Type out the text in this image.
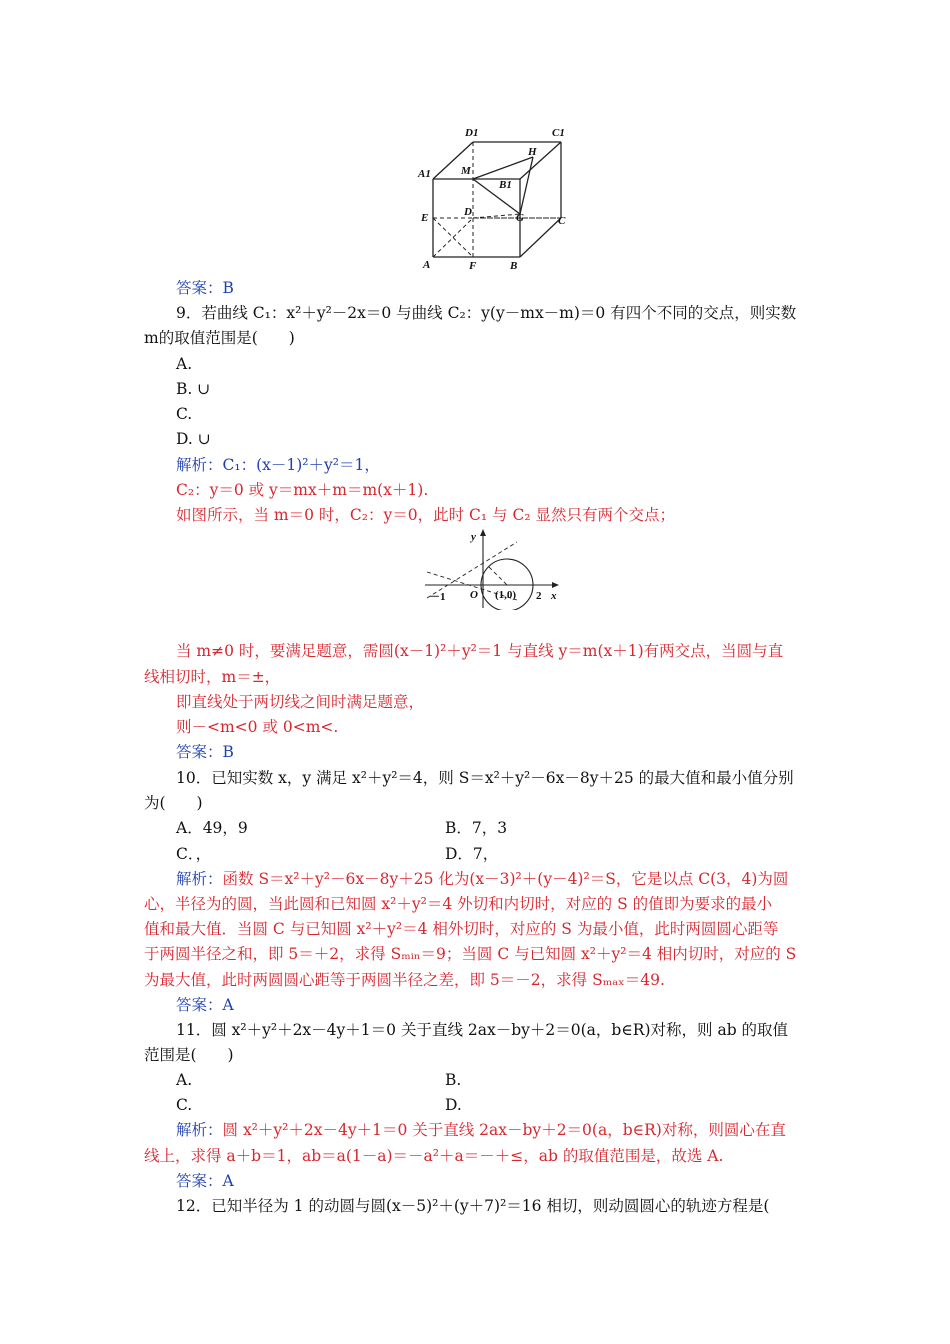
D1	C1
H
A1	M
B1
E	D	G	C
A	F	B
答案：B
9．若曲线 C₁：x²＋y²－2x＝0 与曲线 C₂：y(y－mx－m)＝0 有四个不同的交点，则实数
m的取值范围是(　　)
A.
B. ∪
C.
D. ∪
解析：C₁：(x－1)²＋y²＝1，
C₂：y＝0 或 y＝mx＋m＝m(x＋1).
如图所示，当 m＝0 时，C₂：y＝0，此时 C₁ 与 C₂ 显然只有两个交点；
y
x
－1 O (1,0) 2
当 m≠0 时，要满足题意，需圆(x－1)²＋y²＝1 与直线 y＝m(x＋1)有两交点，当圆与直
线相切时，m＝±，
即直线处于两切线之间时满足题意，
则－<m<0 或 0<m<.
答案：B
10．已知实数 x，y 满足 x²＋y²＝4，则 S＝x²＋y²－6x－8y＋25 的最大值和最小值分别
为(　　)
A．49，9	B．7，3
C．，	D．7，
解析：函数 S＝x²＋y²－6x－8y＋25 化为(x－3)²＋(y－4)²＝S，它是以点 C(3，4)为圆
心，半径为的圆，当此圆和已知圆 x²＋y²＝4 外切和内切时，对应的 S 的值即为要求的最小
值和最大值．当圆 C 与已知圆 x²＋y²＝4 相外切时，对应的 S 为最小值，此时两圆圆心距等
于两圆半径之和，即 5＝＋2，求得 Sₘᵢₙ＝9；当圆 C 与已知圆 x²＋y²＝4 相内切时，对应的 S
为最大值，此时两圆圆心距等于两圆半径之差，即 5＝－2，求得 Sₘₐₓ＝49.
答案：A
11．圆 x²＋y²＋2x－4y＋1＝0 关于直线 2ax－by＋2＝0(a，b∈R)对称，则 ab 的取值
范围是(　　)
A.	B.
C.	D.
解析：圆 x²＋y²＋2x－4y＋1＝0 关于直线 2ax－by＋2＝0(a，b∈R)对称，则圆心在直
线上，求得 a＋b＝1，ab＝a(1－a)＝－a²＋a＝－＋≤，ab 的取值范围是，故选 A.
答案：A
12．已知半径为 1 的动圆与圆(x－5)²＋(y＋7)²＝16 相切，则动圆圆心的轨迹方程是(
